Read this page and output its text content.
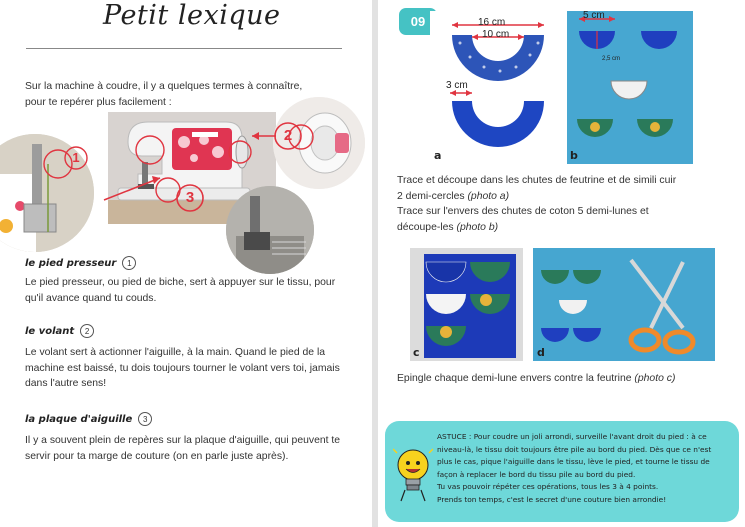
Petit lexique
Sur la machine à coudre, il y a quelques termes à connaître, pour te repérer plus facilement :
1
2
3
le pied presseur	1
Le pied presseur, ou pied de biche, sert à appuyer sur le tissu, pour qu'il avance quand tu couds.
le volant	2
Le volant sert à actionner l'aiguille, à la main. Quand le pied de la machine est baissé, tu dois toujours tourner le volant vers toi, jamais dans l'autre sens!
la plaque d'aiguille	3
Il y a souvent plein de repères sur la plaque d'aiguille, qui peuvent te servir pour ta marge de couture (on en parle juste après).
09	16 cm
10 cm
3 cm
a
5 cm
2,5 cm
b
Trace et découpe dans les chutes de feutrine et de simili cuir
2 demi-cercles (photo a)
Trace sur l'envers des chutes de coton 5 demi-lunes et
découpe-les (photo b)
c	d
Epingle chaque demi-lune envers contre la feutrine (photo c)
ASTUCE : Pour coudre un joli arrondi, surveille l'avant droit du pied : à ce
niveau-là, le tissu doit toujours être pile au bord du pied. Dès que ce n'est
plus le cas, pique l'aiguille dans le tissu, lève le pied, et tourne le tissu de
façon à replacer le bord du tissu pile au bord du pied.
Tu vas pouvoir répéter ces opérations, tous les 3 à 4 points.
Prends ton temps, c'est le secret d'une couture bien arrondie!
